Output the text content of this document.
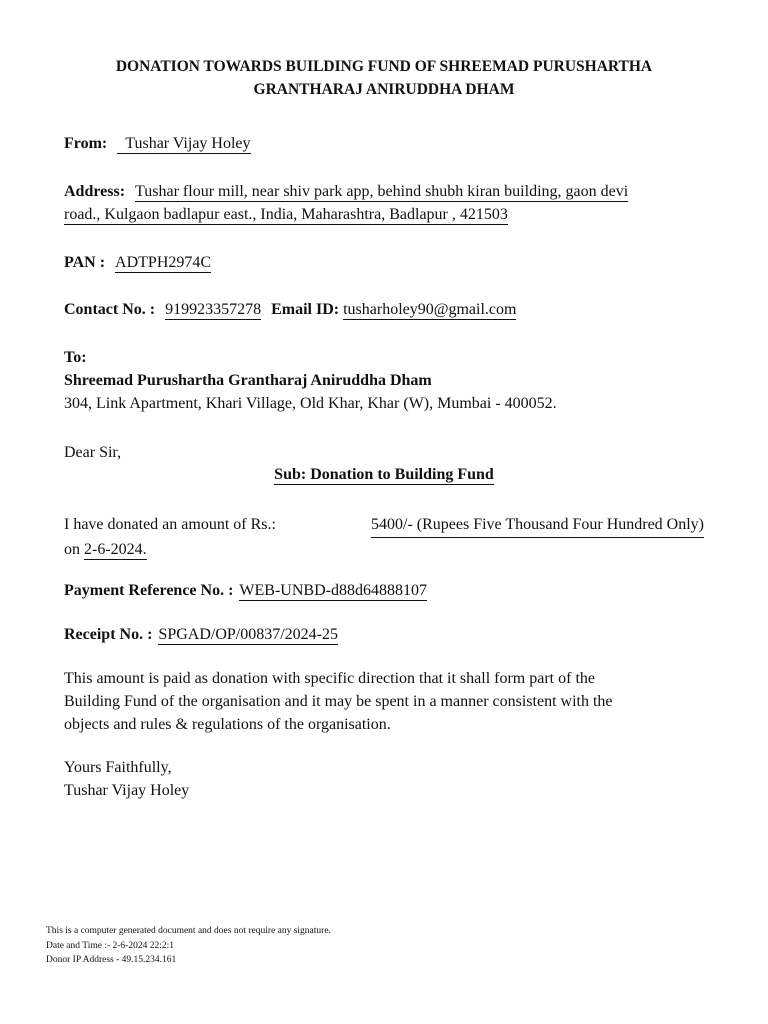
DONATION TOWARDS BUILDING FUND OF SHREEMAD PURUSHARTHA
GRANTHARAJ ANIRUDDHA DHAM
From: Tushar Vijay Holey
Address: Tushar flour mill, near shiv park app, behind shubh kiran building, gaon devi
road., Kulgaon badlapur east., India, Maharashtra, Badlapur , 421503
PAN : ADTPH2974C
Contact No. : 919923357278 Email ID: tusharholey90@gmail.com
To:
Shreemad Purushartha Grantharaj Aniruddha Dham
304, Link Apartment, Khari Village, Old Khar, Khar (W), Mumbai - 400052.
Dear Sir,
Sub: Donation to Building Fund
I have donated an amount of Rs.:	5400/- (Rupees Five Thousand Four Hundred Only)
on 2-6-2024.
Payment Reference No. : WEB-UNBD-d88d64888107
Receipt No. : SPGAD/OP/00837/2024-25
This amount is paid as donation with specific direction that it shall form part of the
Building Fund of the organisation and it may be spent in a manner consistent with the
objects and rules & regulations of the organisation.
Yours Faithfully,
Tushar Vijay Holey
This is a computer generated document and does not require any signature.
Date and Time :- 2-6-2024 22:2:1
Donor IP Address - 49.15.234.161
